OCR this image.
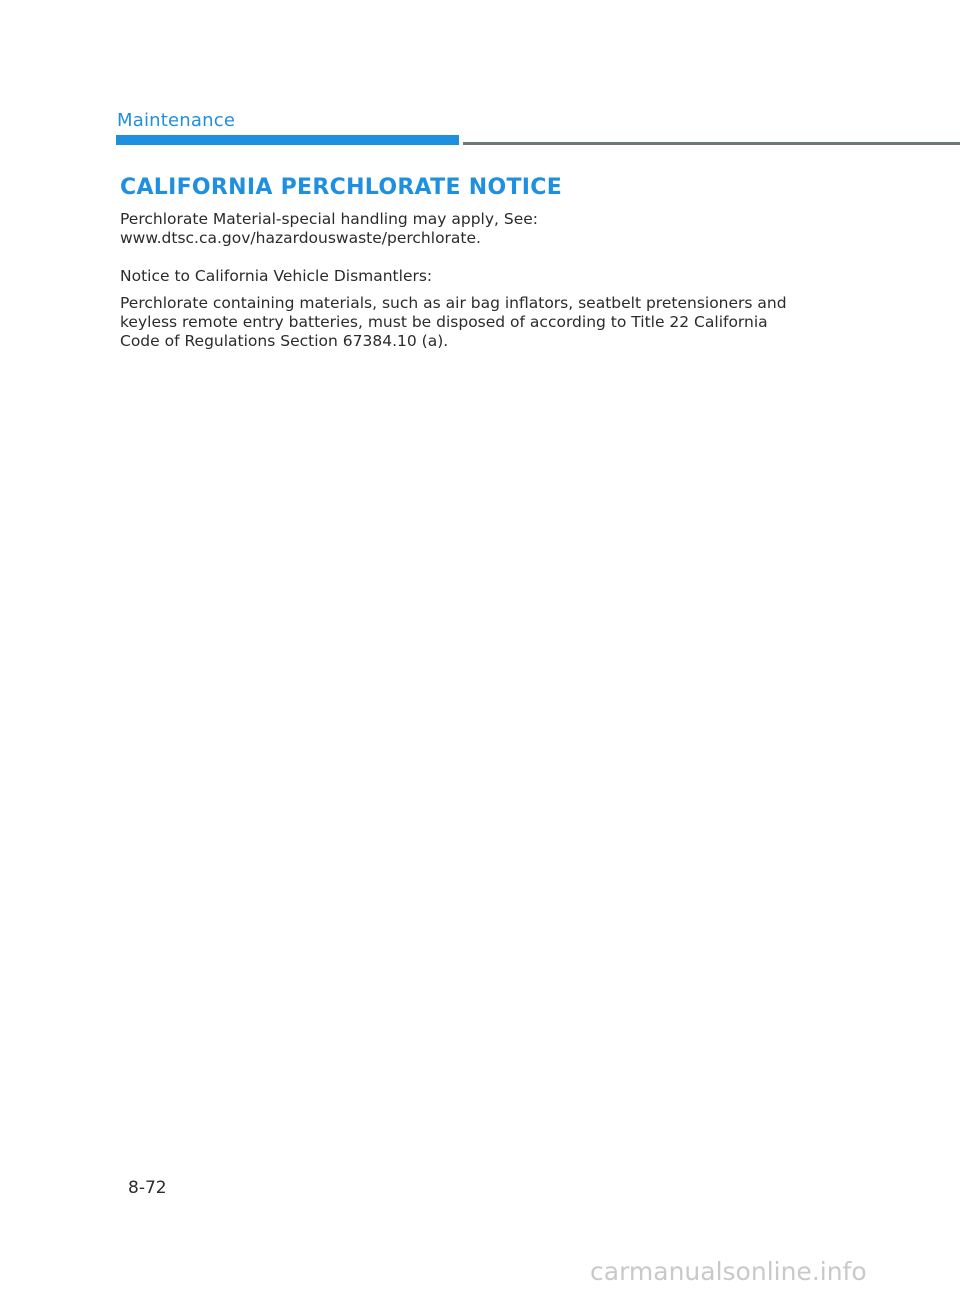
Maintenance
CALIFORNIA PERCHLORATE NOTICE

Perchlorate Material-special handling may apply, See:
www.dtsc.ca.gov/hazardouswaste/perchlorate.

Notice to California Vehicle Dismantlers:

Perchlorate containing materials, such as air bag inflators, seatbelt pretensioners and
keyless remote entry batteries, must be disposed of according to Title 22 California
Code of Regulations Section 67384.10 (a).

8-72
carmanualsonline.info
